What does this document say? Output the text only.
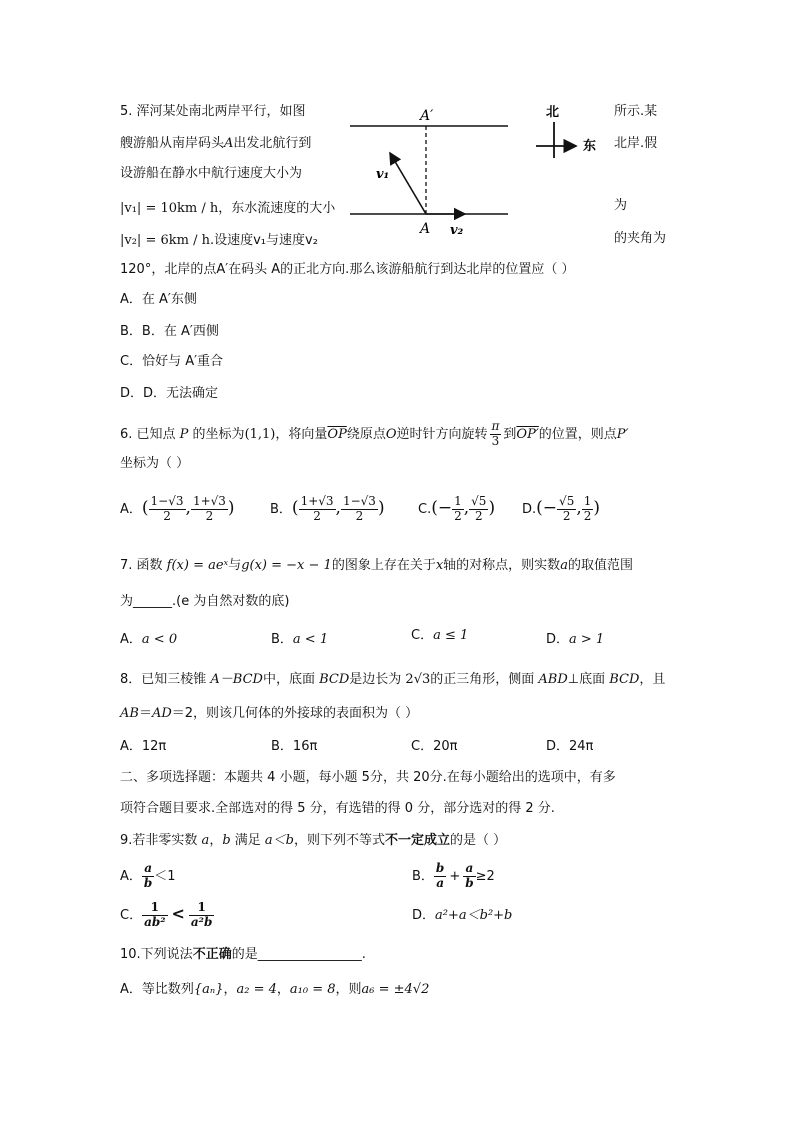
5. 浑河某处南北两岸平行，如图
艘游船从南岸码头A出发北航行到
设游船在静水中航行速度大小为
|v₁| = 10km / h，东水流速度的大小
|v₂| = 6km / h.设速度v₁与速度v₂
所示.某
北岸.假
为
的夹角为
A′
A
v₁
v₂
北
东
120°，北岸的点A′在码头 A的正北方向.那么该游船航行到达北岸的位置应（ ）
A．在 A′东侧
B．B．在 A′西侧
C．恰好与 A′重合
D．D．无法确定
6. 已知点 P 的坐标为(1,1)，将向量$\overline{OP}$绕原点O逆时针方向旋转 $\frac{\pi}{3}$ 到OP′的位置，则点P′
坐标为（ ）
A．( $\frac{1-√3}{2}$ , $\frac{1+√3}{2}$ )	B．( $\frac{1+√3}{2}$ , $\frac{1-√3}{2}$ )	$C.(- \frac{1}{2}$ , $\frac{√5}{2}$ ) $D.(- \frac{√5}{2}$ , $\frac{1}{2}$ )
7. 函数 f(x) = aeˣ与g(x) = −x − 1的图象上存在关于x轴的对称点，则实数a的取值范围
为______.(e 为自然对数的底)
A．a < 0	B．a < 1	C．a ≤ 1	D．a > 1
8．已知三棱锥 A－BCD中，底面 BCD是边长为 2√3的正三角形，侧面 ABD⊥底面 BCD，且
AB＝AD＝2，则该几何体的外接球的表面积为（ ）
A．12π	B．16π	C．20π	D．24π
二、多项选择题：本题共 4 小题，每小题 5分，共 20分.在每小题给出的选项中，有多
项符合题目要求.全部选对的得 5 分，有选错的得 0 分，部分选对的得 2 分.
9.若非零实数 a，b 满足 a＜b，则下列不等式不一定成立的是（ ）
A． $\frac{a}{b} <1$	B． $\frac{b}{a} + \frac{a}{b} \ge 2$
C． $\frac{1}{\text{ab²}} < \frac{1}{\text{a²b}}$	D．a²+a＜b²+b
10.下列说法不正确的是________________.
A．等比数列{aₙ}，a₂ = 4，a₁₀ = 8，则a₆ = ±4√2
